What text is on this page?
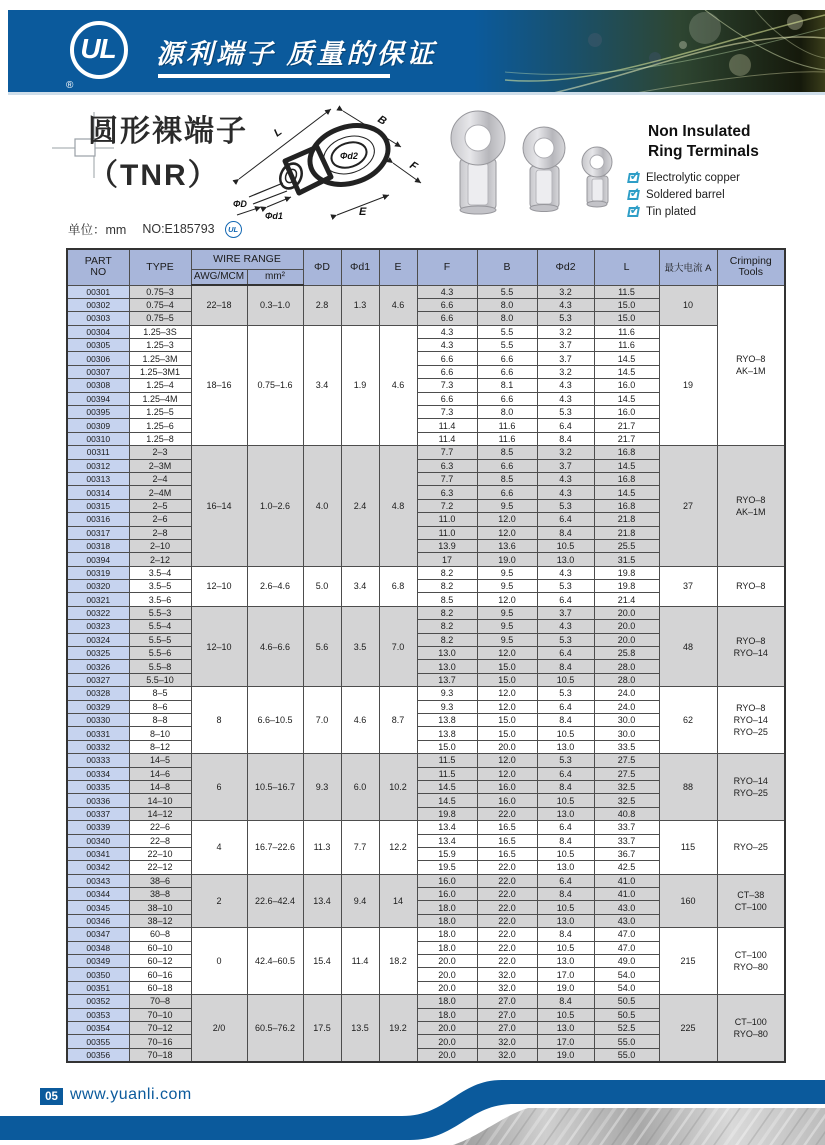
UL
®
源利端子 质量的保证
圆形裸端子
（TNR）
L
B
Φd2
F
E
Φd1
ΦD
Non Insulated
Ring Terminals
✓
Electrolytic copper
✓
Soldered barrel
✓
Tin plated
单位：mm NO:E185793	UL
PART
NO	TYPE	WIRE RANGE		ΦD	Φd1	E	F	B	Φd2	L	最大电流 A	Crimping
Tools

		AWG/MCM	mm²									
00301	0.75–3	22–18	0.3–1.0	2.8	1.3	4.6	4.3	5.5	3.2	11.5	10	RYO–8
AK–1M

00302	0.75–4						6.6	8.0	4.3	15.0		
00303	0.75–5						6.6	8.0	5.3	15.0		
00304	1.25–3S	18–16	0.75–1.6	3.4	1.9	4.6	4.3	5.5	3.2	11.6	19	
00305	1.25–3						4.3	5.5	3.7	11.6		
00306	1.25–3M						6.6	6.6	3.7	14.5		
00307	1.25–3M1						6.6	6.6	3.2	14.5		
00308	1.25–4						7.3	8.1	4.3	16.0		
00394	1.25–4M						6.6	6.6	4.3	14.5		
00395	1.25–5						7.3	8.0	5.3	16.0		
00309	1.25–6						11.4	11.6	6.4	21.7		
00310	1.25–8						11.4	11.6	8.4	21.7		
00311	2–3	16–14	1.0–2.6	4.0	2.4	4.8	7.7	8.5	3.2	16.8	27	RYO–8
AK–1M

00312	2–3M						6.3	6.6	3.7	14.5		
00313	2–4						7.7	8.5	4.3	16.8		
00314	2–4M						6.3	6.6	4.3	14.5		
00315	2–5						7.2	9.5	5.3	16.8		
00316	2–6						11.0	12.0	6.4	21.8		
00317	2–8						11.0	12.0	8.4	21.8		
00318	2–10						13.9	13.6	10.5	25.5		
00394	2–12						17	19.0	13.0	31.5		
00319	3.5–4	12–10	2.6–4.6	5.0	3.4	6.8	8.2	9.5	4.3	19.8	37	RYO–8

00320	3.5–5						8.2	9.5	5.3	19.8		
00321	3.5–6						8.5	12.0	6.4	21.4		
00322	5.5–3	12–10	4.6–6.6	5.6	3.5	7.0	8.2	9.5	3.7	20.0	48	RYO–8
RYO–14

00323	5.5–4						8.2	9.5	4.3	20.0		
00324	5.5–5						8.2	9.5	5.3	20.0		
00325	5.5–6						13.0	12.0	6.4	25.8		
00326	5.5–8						13.0	15.0	8.4	28.0		
00327	5.5–10						13.7	15.0	10.5	28.0		
00328	8–5	8	6.6–10.5	7.0	4.6	8.7	9.3	12.0	5.3	24.0	62	RYO–8
RYO–14
RYO–25

00329	8–6						9.3	12.0	6.4	24.0		
00330	8–8						13.8	15.0	8.4	30.0		
00331	8–10						13.8	15.0	10.5	30.0		
00332	8–12						15.0	20.0	13.0	33.5		
00333	14–5	6	10.5–16.7	9.3	6.0	10.2	11.5	12.0	5.3	27.5	88	RYO–14
RYO–25

00334	14–6						11.5	12.0	6.4	27.5		
00335	14–8						14.5	16.0	8.4	32.5		
00336	14–10						14.5	16.0	10.5	32.5		
00337	14–12						19.8	22.0	13.0	40.8		
00339	22–6	4	16.7–22.6	11.3	7.7	12.2	13.4	16.5	6.4	33.7	115	RYO–25

00340	22–8						13.4	16.5	8.4	33.7		
00341	22–10						15.9	16.5	10.5	36.7		
00342	22–12						19.5	22.0	13.0	42.5		
00343	38–6	2	22.6–42.4	13.4	9.4	14	16.0	22.0	6.4	41.0	160	CT–38
CT–100

00344	38–8						16.0	22.0	8.4	41.0		
00345	38–10						18.0	22.0	10.5	43.0		
00346	38–12						18.0	22.0	13.0	43.0		
00347	60–8	0	42.4–60.5	15.4	11.4	18.2	18.0	22.0	8.4	47.0	215	CT–100
RYO–80

00348	60–10						18.0	22.0	10.5	47.0		
00349	60–12						20.0	22.0	13.0	49.0		
00350	60–16						20.0	32.0	17.0	54.0		
00351	60–18						20.0	32.0	19.0	54.0		
00352	70–8	2/0	60.5–76.2	17.5	13.5	19.2	18.0	27.0	8.4	50.5	225	CT–100
RYO–80

00353	70–10						18.0	27.0	10.5	50.5		
00354	70–12						20.0	27.0	13.0	52.5		
00355	70–16						20.0	32.0	17.0	55.0		
00356	70–18						20.0	32.0	19.0	55.0		
05 www.yuanli.com
